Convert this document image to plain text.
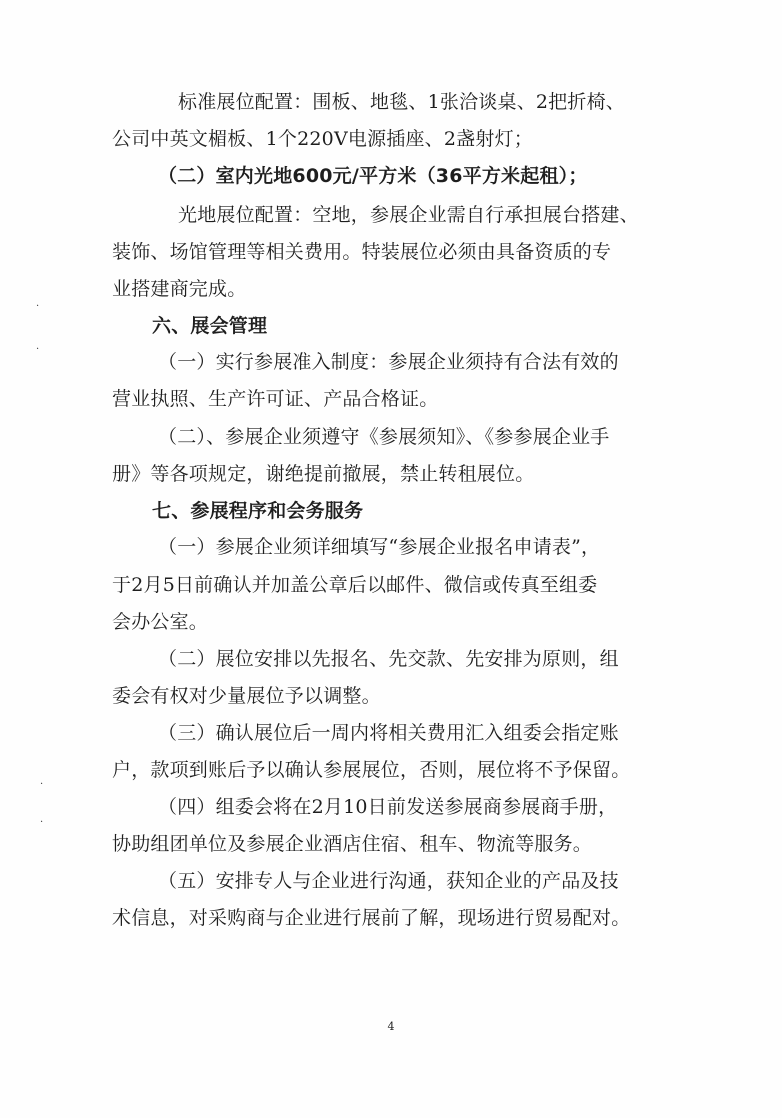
标准展位配置：围板、地毯、1张洽谈桌、2把折椅、
公司中英文楣板、1个220V电源插座、2盏射灯；
（二）室内光地600元/平方米（36平方米起租）；
光地展位配置：空地，参展企业需自行承担展台搭建、
装饰、场馆管理等相关费用。特装展位必须由具备资质的专
业搭建商完成。
六、展会管理
（一）实行参展准入制度：参展企业须持有合法有效的
营业执照、生产许可证、产品合格证。
（二）、参展企业须遵守《参展须知》、《参参展企业手
册》等各项规定，谢绝提前撤展，禁止转租展位。
七、参展程序和会务服务
（一）参展企业须详细填写“参展企业报名申请表”，
于2月5日前确认并加盖公章后以邮件、微信或传真至组委
会办公室。
（二）展位安排以先报名、先交款、先安排为原则，组
委会有权对少量展位予以调整。
（三）确认展位后一周内将相关费用汇入组委会指定账
户，款项到账后予以确认参展展位，否则，展位将不予保留。
（四）组委会将在2月10日前发送参展商参展商手册，
协助组团单位及参展企业酒店住宿、租车、物流等服务。
（五）安排专人与企业进行沟通，获知企业的产品及技
术信息，对采购商与企业进行展前了解，现场进行贸易配对。
4
·
·
·
·
